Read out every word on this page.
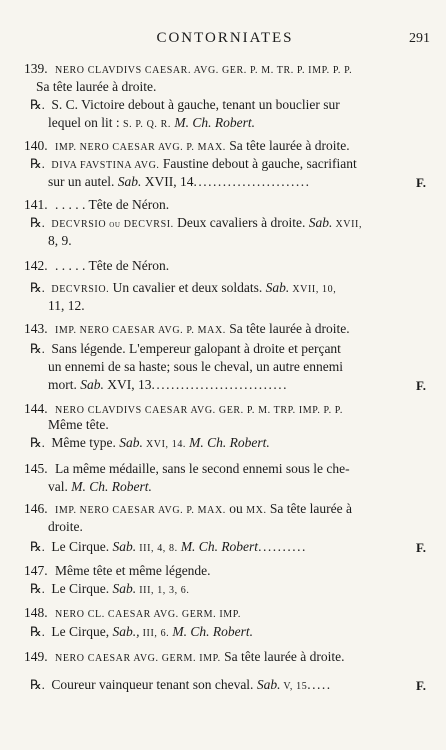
CONTORNIATES	291
139. NERO CLAVDIVS CAESAR. AVG. GER. P. M. TR. P. IMP. P. P.
Sa tête laurée à droite.
℞. S. C. Victoire debout à gauche, tenant un bouclier sur
lequel on lit : S. P. Q. R. M. Ch. Robert.
140. IMP. NERO CAESAR AVG. P. MAX. Sa tête laurée à droite.
℞. DIVA FAVSTINA AVG. Faustine debout à gauche, sacrifiant
sur un autel. Sab. XVII, 14........................	F.
141. . . . . . Tête de Néron.
℞. DECVRSIO ou DECVRSI. Deux cavaliers à droite. Sab. XVII,
8, 9.
142. . . . . . Tête de Néron.
℞. DECVRSIO. Un cavalier et deux soldats. Sab. XVII, 10,
11, 12.
143. IMP. NERO CAESAR AVG. P. MAX. Sa tête laurée à droite.
℞. Sans légende. L'empereur galopant à droite et perçant
un ennemi de sa haste; sous le cheval, un autre ennemi
mort. Sab. XVI, 13............................	F.
144. NERO CLAVDIVS CAESAR AVG. GER. P. M. TRP. IMP. P. P.
Même tête.
℞. Même type. Sab. XVI, 14. M. Ch. Robert.
145. La même médaille, sans le second ennemi sous le che-
val. M. Ch. Robert.
146. IMP. NERO CAESAR AVG. P. MAX. ou MX. Sa tête laurée à
droite.
℞. Le Cirque. Sab. III, 4, 8. M. Ch. Robert..........	F.
147. Même tête et même légende.
℞. Le Cirque. Sab. III, 1, 3, 6.
148. NERO CL. CAESAR AVG. GERM. IMP.
℞. Le Cirque, Sab., III, 6. M. Ch. Robert.
149. NERO CAESAR AVG. GERM. IMP. Sa tête laurée à droite.
℞. Coureur vainqueur tenant son cheval. Sab. V, 15.....	F.
